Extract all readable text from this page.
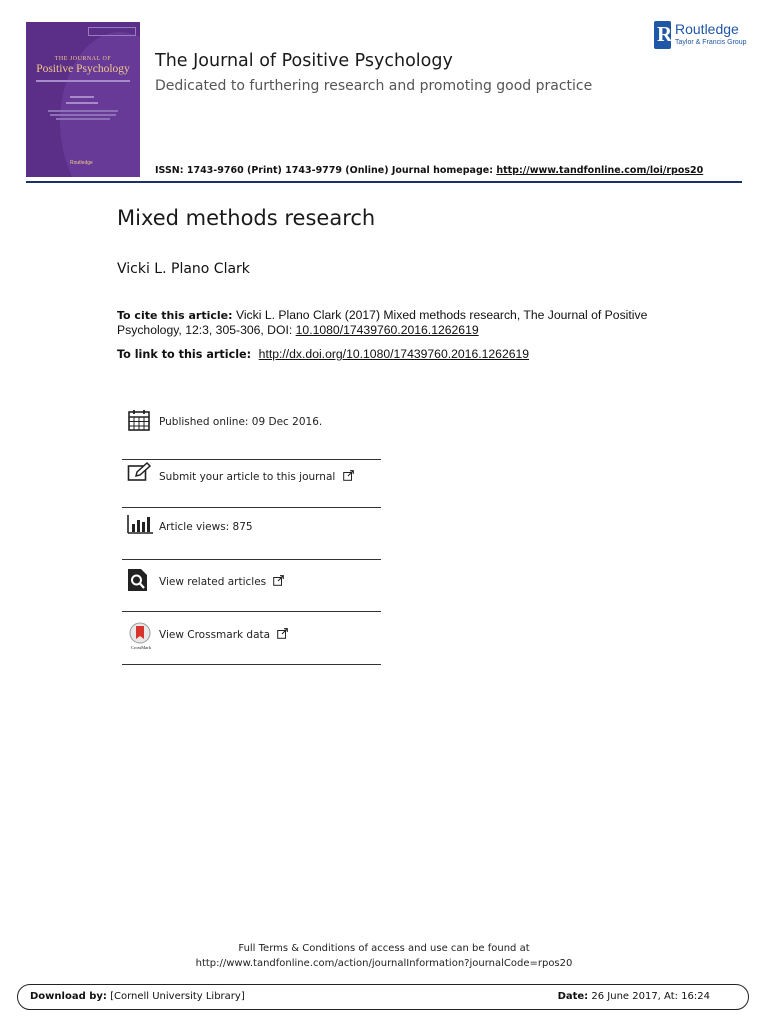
THE JOURNAL OF
Positive Psychology
Routledge
The Journal of Positive Psychology
Dedicated to furthering research and promoting good practice
ISSN: 1743-9760 (Print) 1743-9779 (Online) Journal homepage: http://www.tandfonline.com/loi/rpos20
R Routledge
Taylor & Francis Group
Mixed methods research
Vicki L. Plano Clark
To cite this article: Vicki L. Plano Clark (2017) Mixed methods research, The Journal of Positive Psychology, 12:3, 305-306, DOI: 10.1080/17439760.2016.1262619
To link to this article: http://dx.doi.org/10.1080/17439760.2016.1262619
Published online: 09 Dec 2016.
Submit your article to this journal
Article views: 875
View related articles
CrossMark
View Crossmark data
Full Terms & Conditions of access and use can be found at
http://www.tandfonline.com/action/journalInformation?journalCode=rpos20
Download by: [Cornell University Library]	Date: 26 June 2017, At: 16:24
